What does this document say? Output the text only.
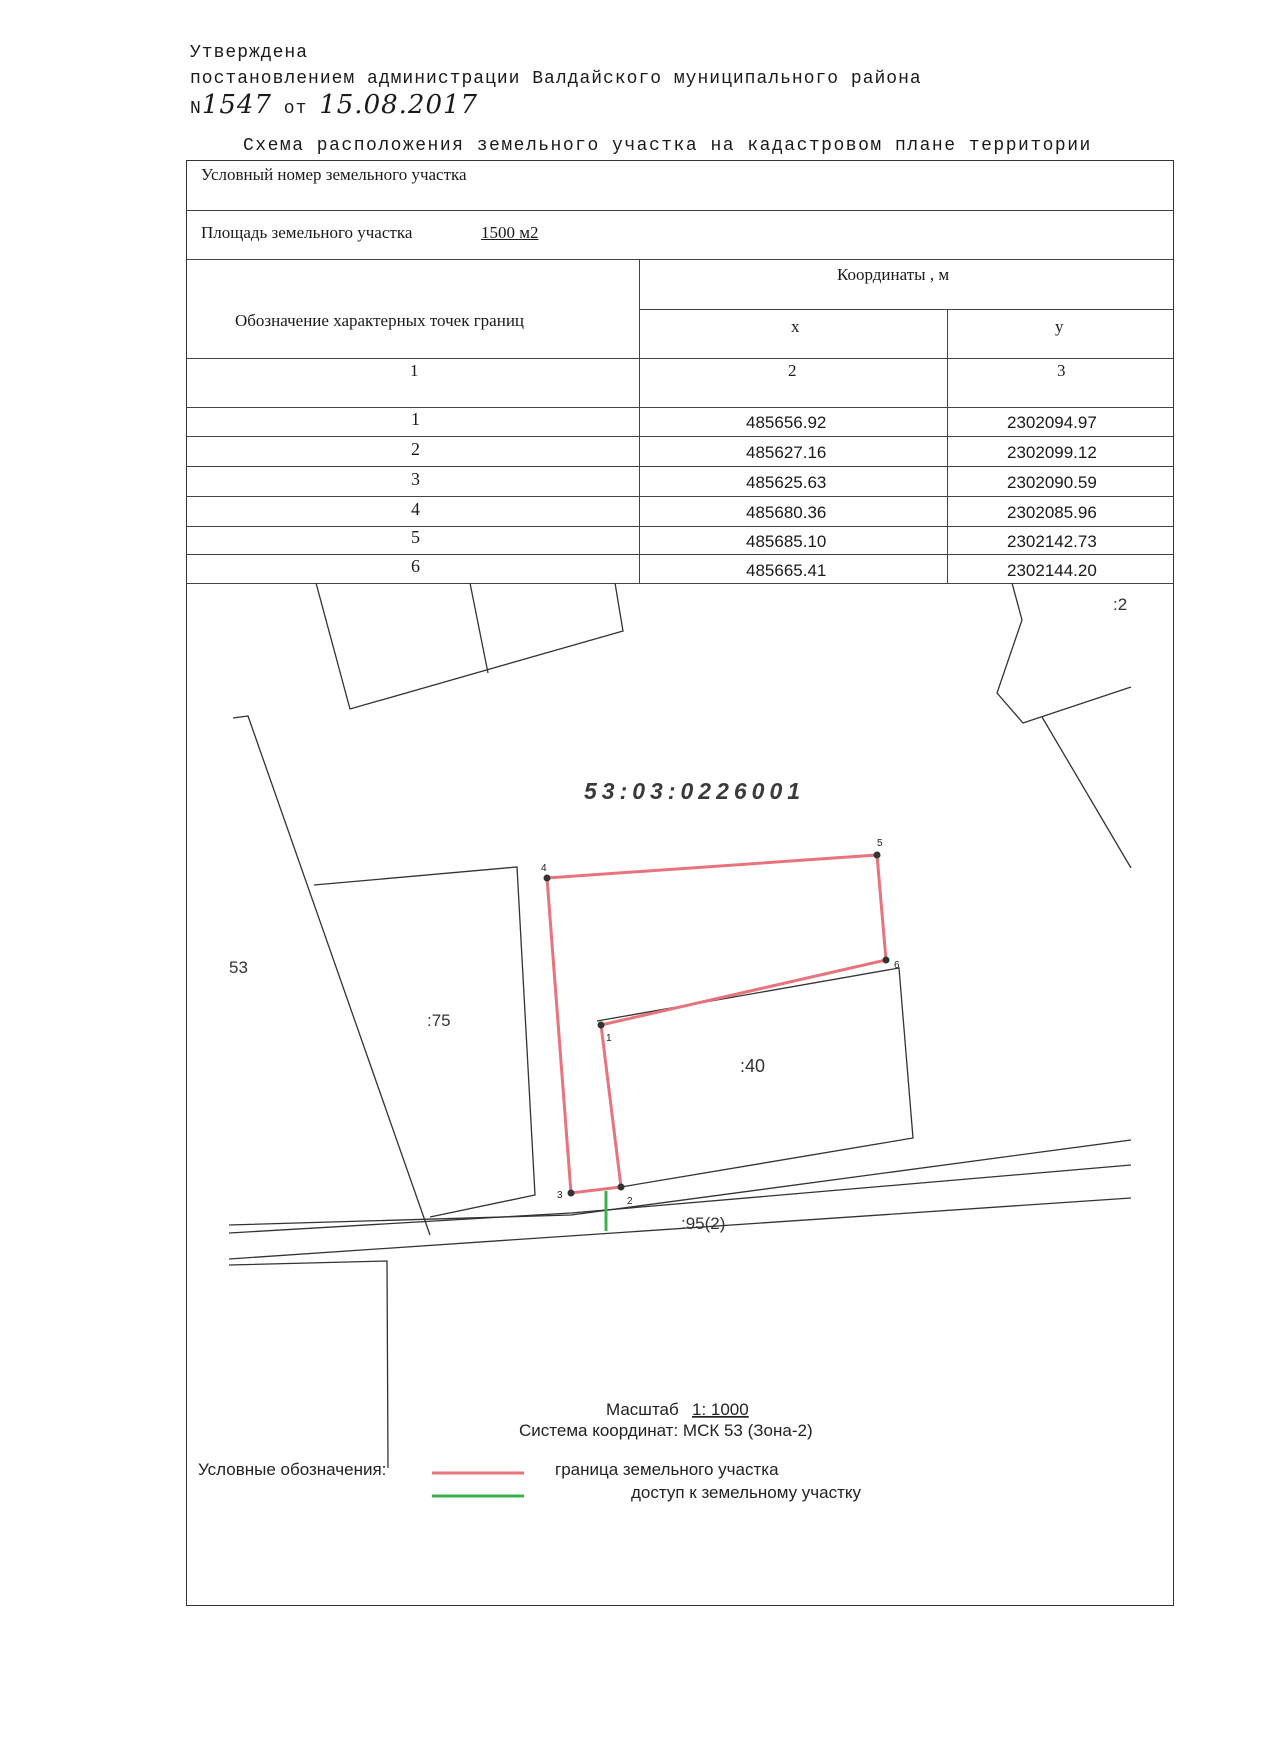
Утверждена
постановлением администрации Валдайского муниципального района
N1547 от 15.08.2017
Схема расположения земельного участка на кадастровом плане территории
Условный номер земельного участка
Площадь земельного участка	1500 м2
Обозначение характерных точек границ
Координаты , м
x	y
1	2	3
1	485656.92	2302094.97
2	485627.16	2302099.12
3	485625.63	2302090.59
4	485680.36	2302085.96
5	485685.10	2302142.73
6	485665.41	2302144.20
1
2
3
4
5
6
:2
53
:75
:40
:95(2)
53:03:0226001
Масштаб 1: 1000
Система координат: МСК 53 (Зона-2)
Условные обозначения:	граница земельного участка
доступ к земельному участку
